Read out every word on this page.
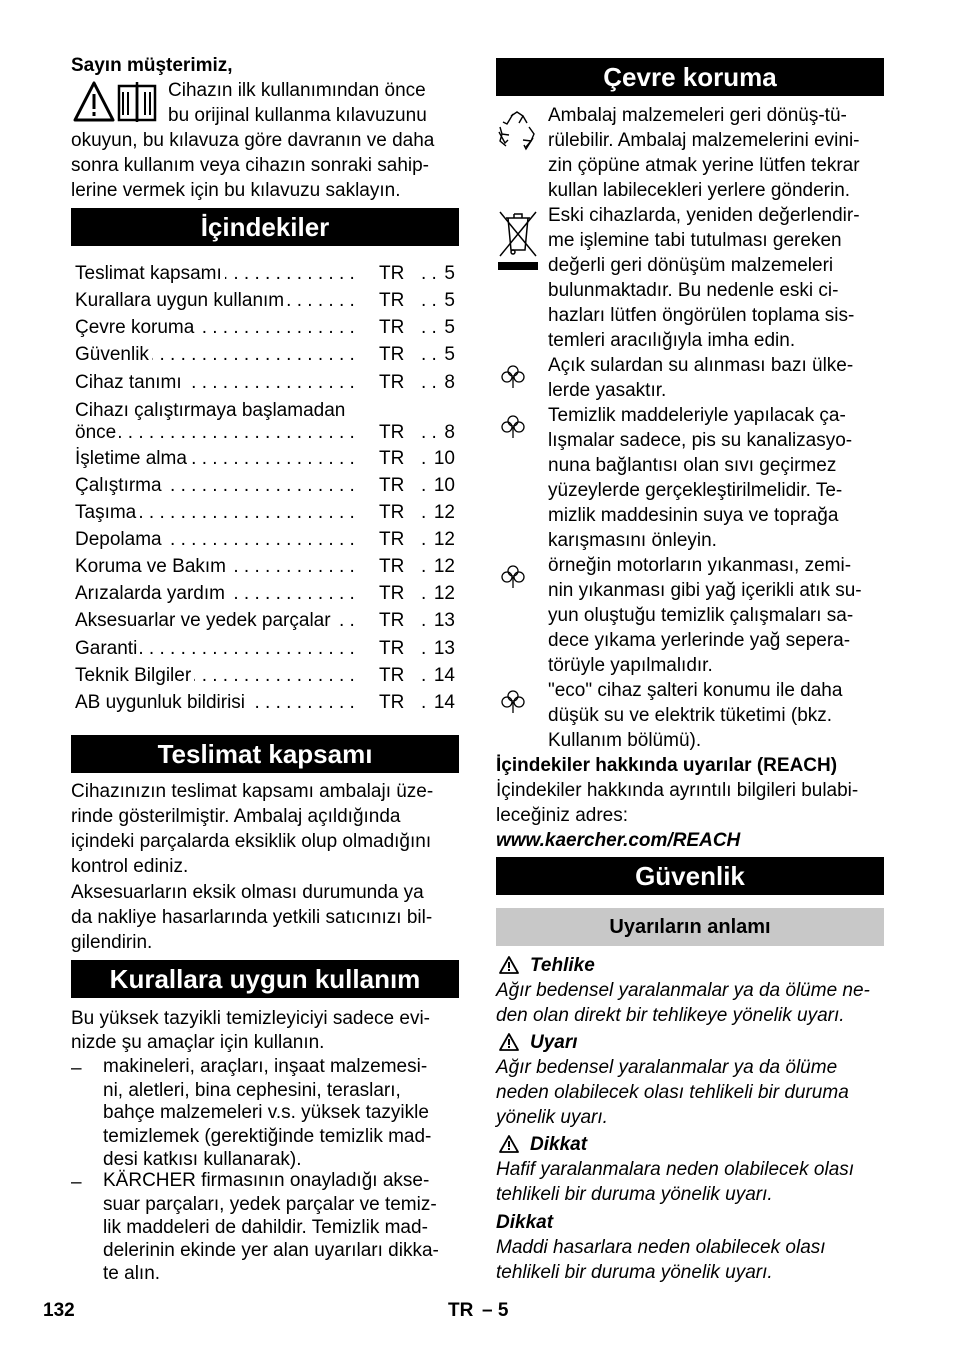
Sayın müşterimiz,
Cihazın ilk kullanımından önce
bu orijinal kullanma kılavuzunu
okuyun, bu kılavuza göre davranın ve daha
sonra kullanım veya cihazın sonraki sahip-
lerine vermek için bu kılavuzu saklayın.
İçindekiler
Teslimat kapsamı . . .	TR . . 5
Kurallara uygun kullanım . . .	TR . . 5
Çevre koruma . . .	TR . . 5
Güvenlik . . .	TR . . 5
Cihaz tanımı . . .	TR . . 8
Cihazı çalıştırmaya başlamadan
önce . . .	TR . . 8
İşletime alma . . .	TR . 10
Çalıştırma . . .	TR . 10
Taşıma . . .	TR . 12
Depolama . . .	TR . 12
Koruma ve Bakım . . .	TR . 12
Arızalarda yardım . . .	TR . 12
Aksesuarlar ve yedek parçalar . . .	TR . 13
Garanti . . .	TR . 13
Teknik Bilgiler . . .	TR . 14
AB uygunluk bildirisi . . .	TR . 14
Teslimat kapsamı
Cihazınızın teslimat kapsamı ambalajı üze-
rinde gösterilmiştir. Ambalaj açıldığında
içindeki parçalarda eksiklik olup olmadığını
kontrol ediniz.
Aksesuarların eksik olması durumunda ya
da nakliye hasarlarında yetkili satıcınızı bil-
gilendirin.
Kurallara uygun kullanım
Bu yüksek tazyikli temizleyiciyi sadece evi-
nizde şu amaçlar için kullanın.
– makineleri, araçları, inşaat malzemesi-
ni, aletleri, bina cephesini, terasları,
bahçe malzemeleri v.s. yüksek tazyikle
temizlemek (gerektiğinde temizlik mad-
desi katkısı kullanarak).
– KÄRCHER firmasının onayladığı akse-
suar parçaları, yedek parçalar ve temiz-
lik maddeleri de dahildir. Temizlik mad-
delerinin ekinde yer alan uyarıları dikka-
te alın.
Çevre koruma
Ambalaj malzemeleri geri dönüş-tü-
rülebilir. Ambalaj malzemelerini evini-
zin çöpüne atmak yerine lütfen tekrar
kullan labilecekleri yerlere gönderin.
Eski cihazlarda, yeniden değerlendir-
me işlemine tabi tutulması gereken
değerli geri dönüşüm malzemeleri
bulunmaktadır. Bu nedenle eski ci-
hazları lütfen öngörülen toplama sis-
temleri aracılığıyla imha edin.
Açık sulardan su alınması bazı ülke-
lerde yasaktır.
Temizlik maddeleriyle yapılacak ça-
lışmalar sadece, pis su kanalizasyo-
nuna bağlantısı olan sıvı geçirmez
yüzeylerde gerçekleştirilmelidir. Te-
mizlik maddesinin suya ve toprağa
karışmasını önleyin.
örneğin motorların yıkanması, zemi-
nin yıkanması gibi yağ içerikli atık su-
yun oluştuğu temizlik çalışmaları sa-
dece yıkama yerlerinde yağ sepera-
törüyle yapılmalıdır.
"eco" cihaz şalteri konumu ile daha
düşük su ve elektrik tüketimi (bkz.
Kullanım bölümü).
İçindekiler hakkında uyarılar (REACH)
İçindekiler hakkında ayrıntılı bilgileri bulabi-
leceğiniz adres:
www.kaercher.com/REACH
Güvenlik
Uyarıların anlamı
Tehlike
Ağır bedensel yaralanmalar ya da ölüme ne-
den olan direkt bir tehlikeye yönelik uyarı.
Uyarı
Ağır bedensel yaralanmalar ya da ölüme
neden olabilecek olası tehlikeli bir duruma
yönelik uyarı.
Dikkat
Hafif yaralanmalara neden olabilecek olası
tehlikeli bir duruma yönelik uyarı.
Dikkat
Maddi hasarlara neden olabilecek olası
tehlikeli bir duruma yönelik uyarı.
132	TR – 5
